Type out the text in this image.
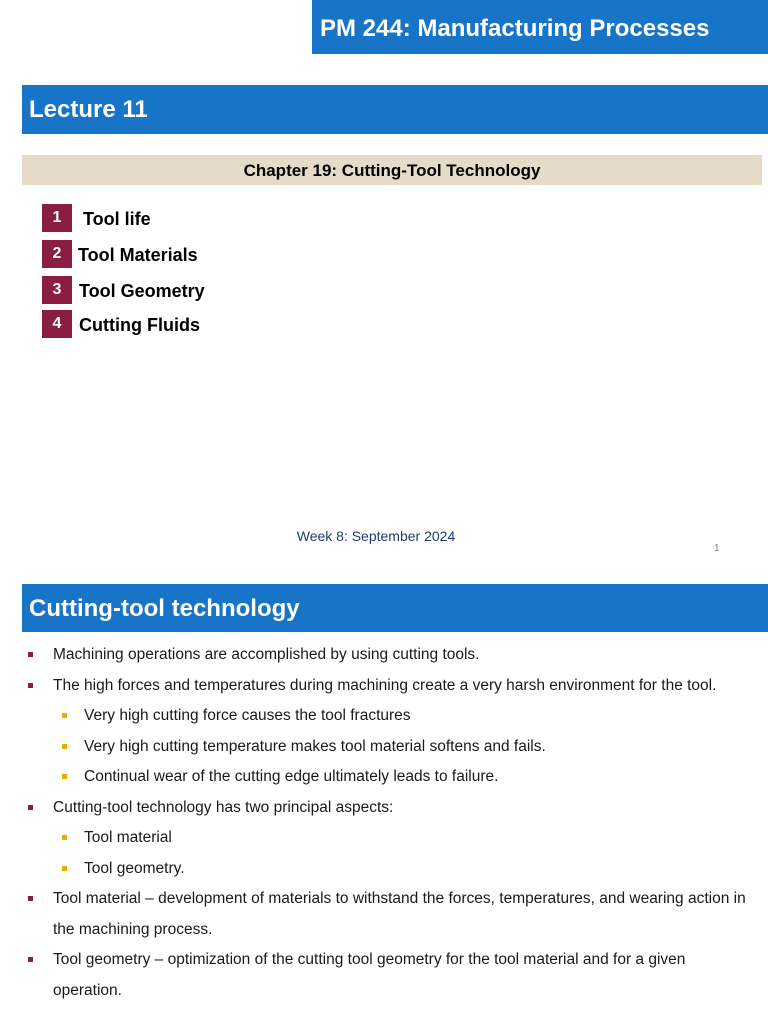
PM 244: Manufacturing Processes
Lecture 11
Chapter 19: Cutting-Tool Technology
1	Tool life
2 Tool Materials
3 Tool Geometry
4 Cutting Fluids
Week 8: September 2024
1
Cutting-tool technology
Machining operations are accomplished by using cutting tools.
The high forces and temperatures during machining create a very harsh environment for the tool.
Very high cutting force causes the tool fractures
Very high cutting temperature makes tool material softens and fails.
Continual wear of the cutting edge ultimately leads to failure.
Cutting-tool technology has two principal aspects:
Tool material
Tool geometry.
Tool material – development of materials to withstand the forces, temperatures, and wearing action in the machining process.
Tool geometry – optimization of the cutting tool geometry for the tool material and for a given operation.
